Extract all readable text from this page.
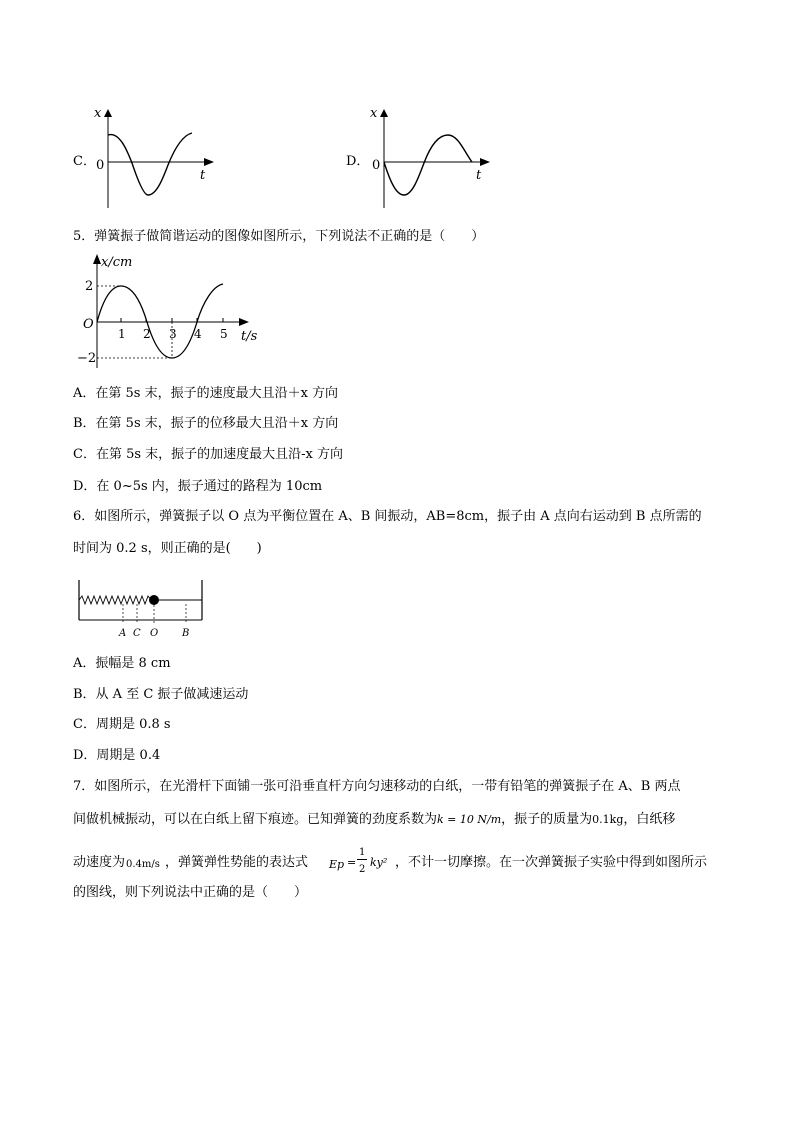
C．
x
0
t
D．
x
0
t
5．弹簧振子做简谐运动的图像如图所示，下列说法不正确的是（　　）
x/cm
2
−2
O
1 2 3 4 5 t/s
A．在第 5s 末，振子的速度最大且沿＋x 方向
B．在第 5s 末，振子的位移最大且沿＋x 方向
C．在第 5s 末，振子的加速度最大且沿-x 方向
D．在 0~5s 内，振子通过的路程为 10cm
6．如图所示，弹簧振子以 O 点为平衡位置在 A、B 间振动，AB=8cm，振子由 A 点向右运动到 B 点所需的
时间为 0.2 s，则正确的是(　　)
A C O B
A．振幅是 8 cm
B．从 A 至 C 振子做减速运动
C．周期是 0.8 s
D．周期是 0.4
7．如图所示，在光滑杆下面铺一张可沿垂直杆方向匀速移动的白纸，一带有铅笔的弹簧振子在 A、B 两点
间做机械振动，可以在白纸上留下痕迹。已知弹簧的劲度系数为k = 10 N/m，振子的质量为0.1kg，白纸移
动速度为 0.4m/s ，弹簧弹性势能的表达式 Ep =
1
2
ky² ，不计一切摩擦。在一次弹簧振子实验中得到如图所示
的图线，则下列说法中正确的是（　　）
